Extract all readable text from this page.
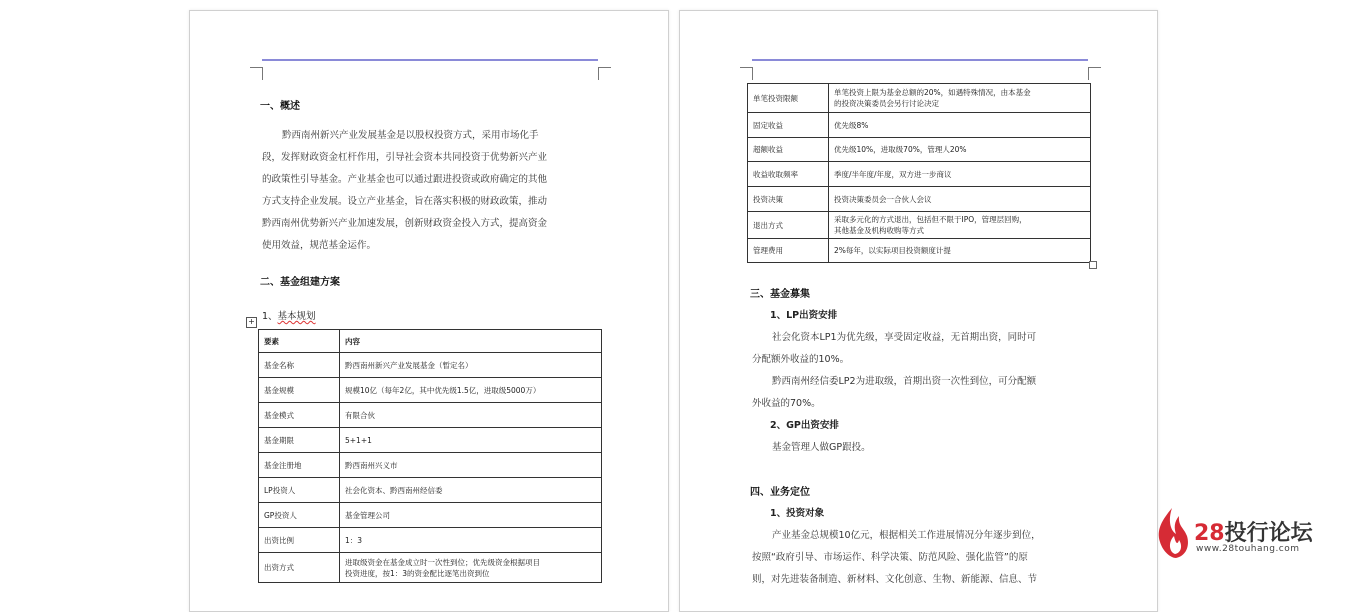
一、概述
黔西南州新兴产业发展基金是以股权投资方式，采用市场化手
段，发挥财政资金杠杆作用，引导社会资本共同投资于优势新兴产业
的政策性引导基金。产业基金也可以通过跟进投资或政府确定的其他
方式支持企业发展。设立产业基金，旨在落实积极的财政政策，推动
黔西南州优势新兴产业加速发展，创新财政资金投入方式，提高资金
使用效益，规范基金运作。
二、基金组建方案
1、基本规划
+
要素	内容
基金名称	黔西南州新兴产业发展基金（暂定名）
基金规模	规模10亿（每年2亿，其中优先级1.5亿，进取级5000万）
基金模式	有限合伙
基金期限	5+1+1
基金注册地	黔西南州兴义市
LP投资人	社会化资本、黔西南州经信委
GP投资人	基金管理公司
出资比例	1：3
出资方式	进取级资金在基金成立时一次性到位；优先级资金根据项目
投资进度，按1：3的资金配比逐笔出资到位
单笔投资限额	单笔投资上限为基金总额的20%，如遇特殊情况，由本基金
的投资决策委员会另行讨论决定

固定收益	优先级8%
超额收益	优先级10%，进取级70%，管理人20%
收益收取频率	季度/半年度/年度，双方进一步商议
投资决策	投资决策委员会一合伙人会议
退出方式	采取多元化的方式退出，包括但不限于IPO，管理层回购，
其他基金及机构收购等方式

管理费用	2%每年，以实际项目投资额度计提
三、基金募集
1、LP出资安排
社会化资本LP1为优先级，享受固定收益，无首期出资，同时可
分配额外收益的10%。
黔西南州经信委LP2为进取级，首期出资一次性到位，可分配额
外收益的70%。
2、GP出资安排
基金管理人做GP跟投。
四、业务定位
1、投资对象
产业基金总规模10亿元，根据相关工作进展情况分年逐步到位，
按照“政府引导、市场运作、科学决策、防范风险、强化监管”的原
则，对先进装备制造、新材料、文化创意、生物、新能源、信息、节
28投行论坛
www.28touhang.com
